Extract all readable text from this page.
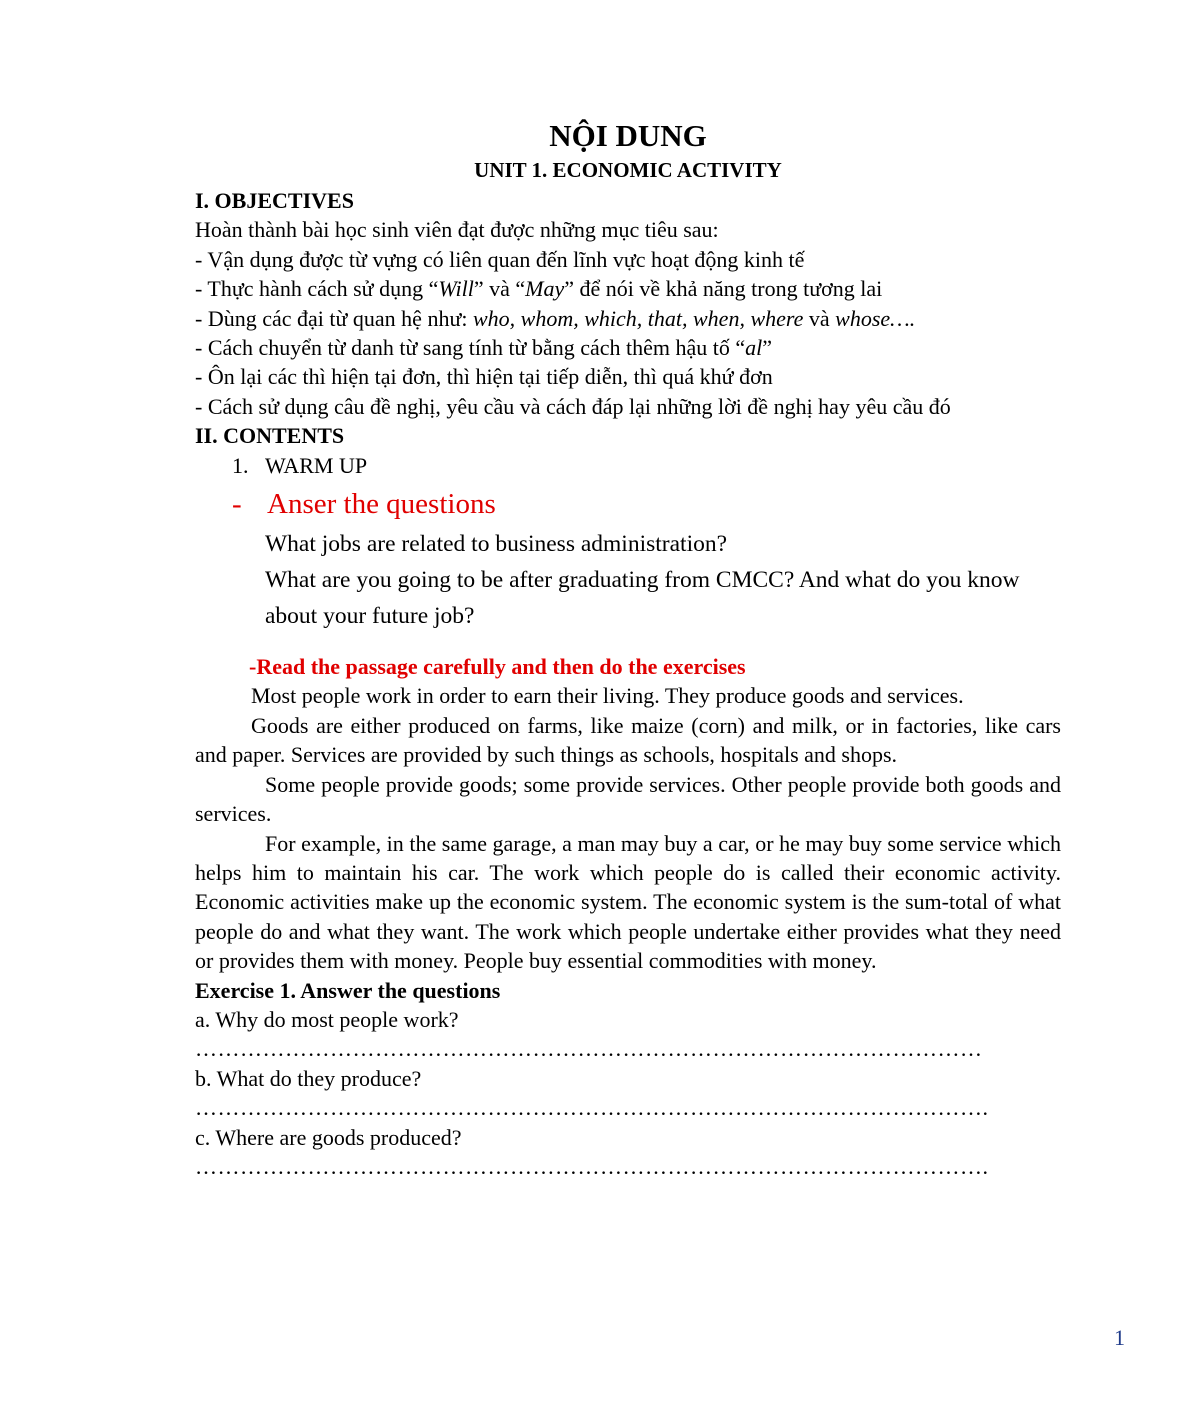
NỘI DUNG
UNIT 1. ECONOMIC ACTIVITY
I. OBJECTIVES
Hoàn thành bài học sinh viên đạt được những mục tiêu sau:
- Vận dụng được từ vựng có liên quan đến lĩnh vực hoạt động kinh tế
- Thực hành cách sử dụng “Will” và “May” để nói về khả năng trong tương lai
- Dùng các đại từ quan hệ như: who, whom, which, that, when, where và whose….
- Cách chuyển từ danh từ sang tính từ bằng cách thêm hậu tố “al”
- Ôn lại các thì hiện tại đơn, thì hiện tại tiếp diễn, thì quá khứ đơn
- Cách sử dụng câu đề nghị, yêu cầu và cách đáp lại những lời đề nghị hay yêu cầu đó
II. CONTENTS
1. WARM UP
- Anser the questions
What jobs are related to business administration?
What are you going to be after graduating from CMCC? And what do you know about your future job?
-Read the passage carefully and then do the exercises
Most people work in order to earn their living. They produce goods and services.
Goods are either produced on farms, like maize (corn) and milk, or in factories, like cars and paper. Services are provided by such things as schools, hospitals and shops.
Some people provide goods; some provide services. Other people provide both goods and services.
For example, in the same garage, a man may buy a car, or he may buy some service which helps him to maintain his car. The work which people do is called their economic activity. Economic activities make up the economic system. The economic system is the sum-total of what people do and what they want. The work which people undertake either provides what they need or provides them with money. People buy essential commodities with money.
Exercise 1. Answer the questions
a. Why do most people work?
……………………………………………………………………………………………
b. What do they produce?
…………………………………………………………………………………………….
c. Where are goods produced?
…………………………………………………………………………………………….
1
